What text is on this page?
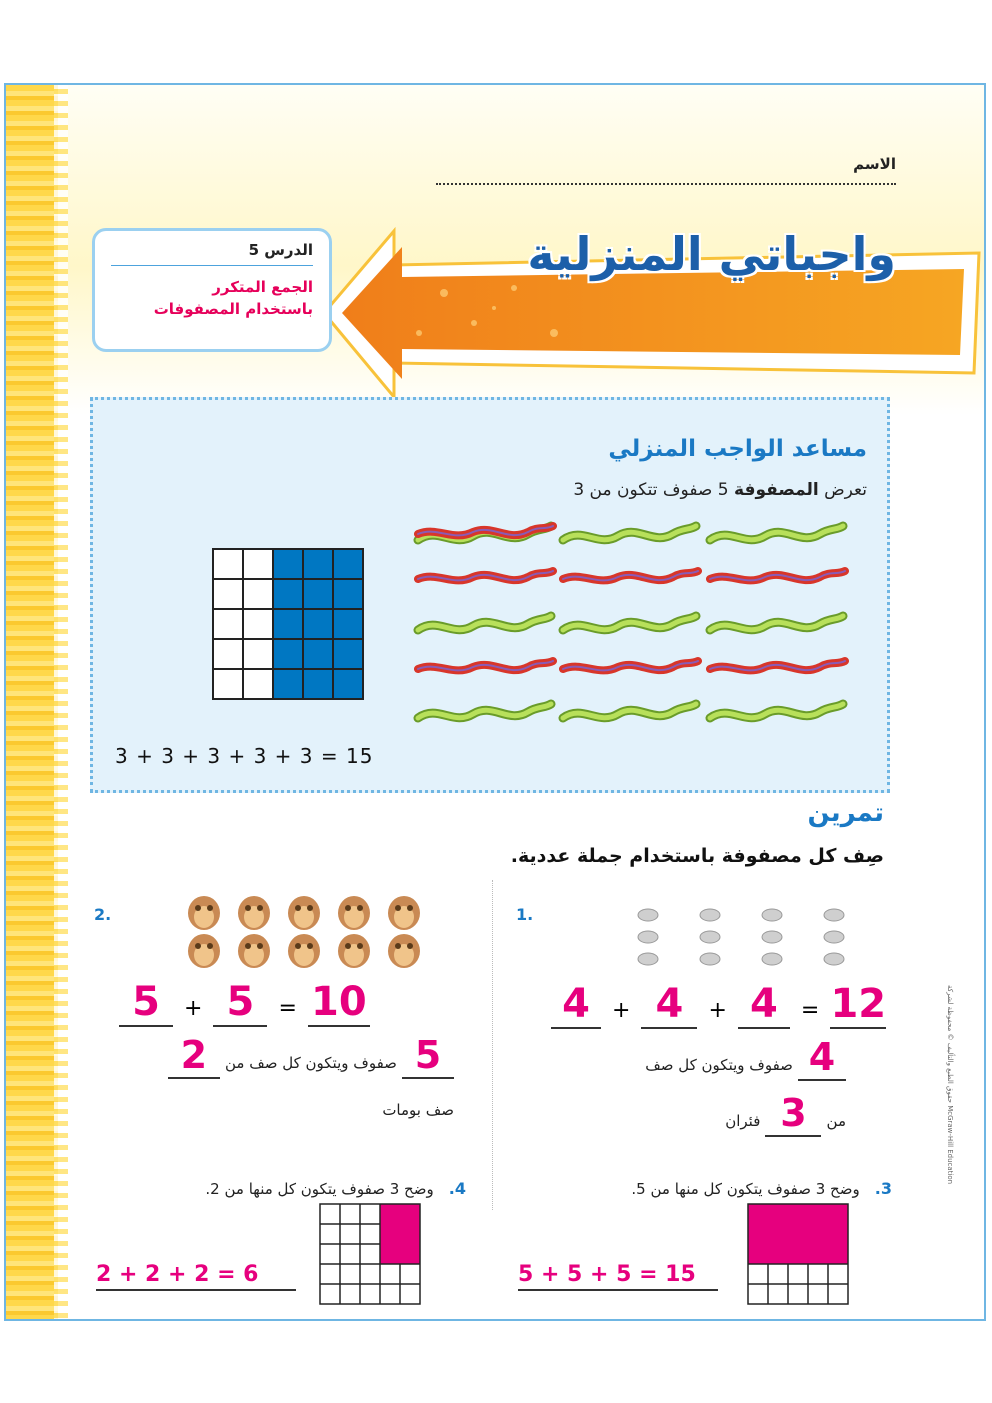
الاسم
واجباتي المنزلية
الدرس 5
الجمع المتكرر
باستخدام المصفوفات
مساعد الواجب المنزلي
تعرض المصفوفة 5 صفوف تتكون من 3
3 + 3 + 3 + 3 + 3 = 15
تمرين
صِف كل مصفوفة باستخدام جملة عددية.
1.
4 + 4 + 4 = 12
4 صفوف ويتكون كل صف
من 3 فئران
2.
5 + 5 = 10
5 صفوف ويتكون كل صف من 2
صف بومات
3. وضح 3 صفوف يتكون كل منها من 5.
5 + 5 + 5 = 15
4. وضح 3 صفوف يتكون كل منها من 2.
2 + 2 + 2 = 6
حقوق الطبع والتأليف © محفوظة لشركة McGraw-Hill Education
